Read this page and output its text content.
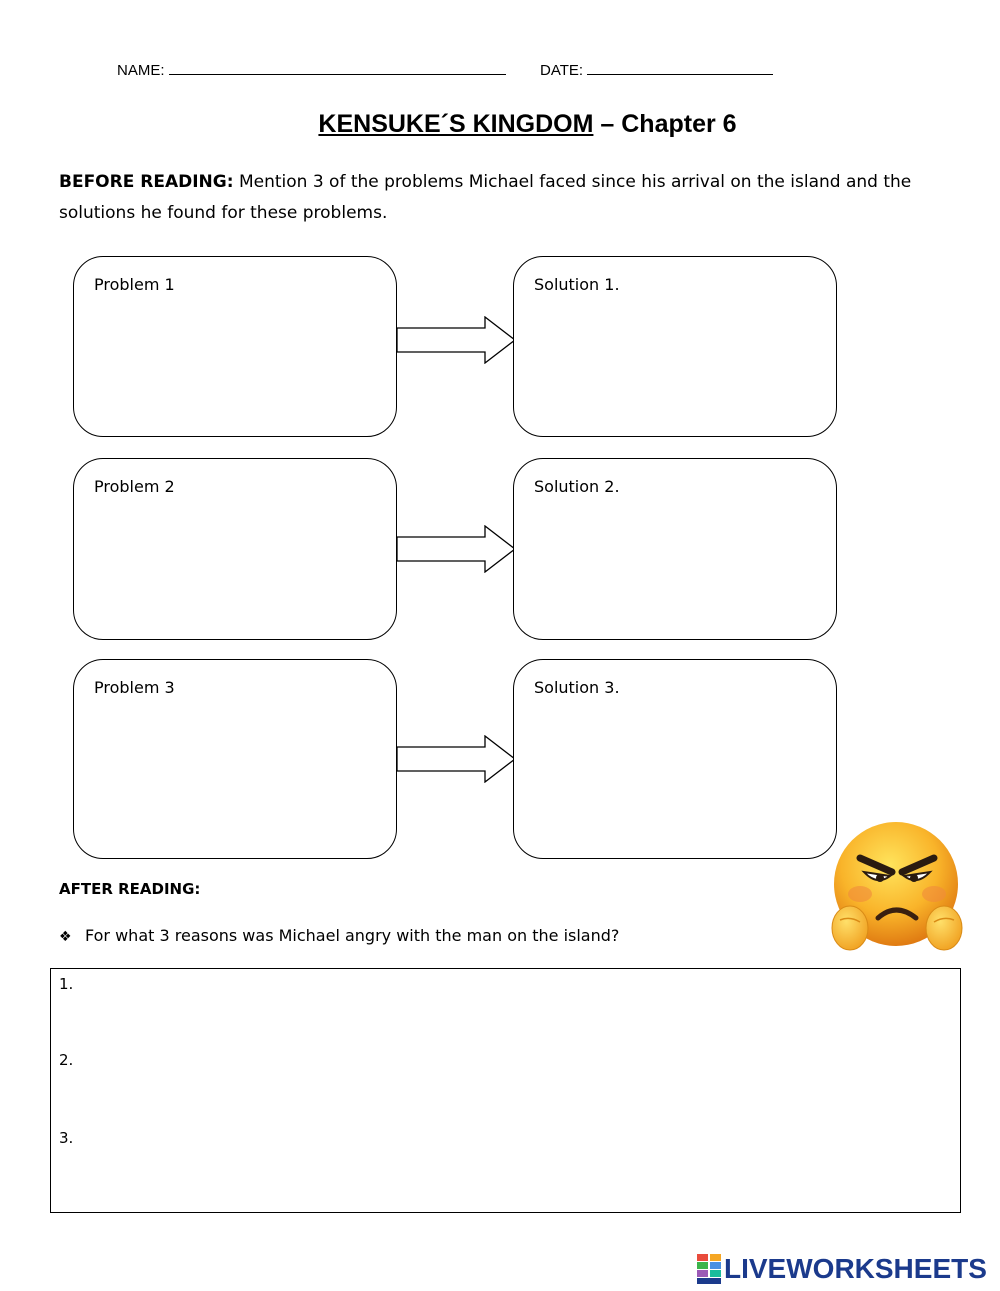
NAME:	DATE:
KENSUKE´S KINGDOM – Chapter 6
BEFORE READING: Mention 3 of the problems Michael faced since his arrival on the island and the solutions he found for these problems.
Problem 1	Solution 1.
Problem 2	Solution 2.
Problem 3	Solution 3.
AFTER READING:
❖ For what 3 reasons was Michael angry with the man on the island?
1.
2.
3.
LIVEWORKSHEETS
